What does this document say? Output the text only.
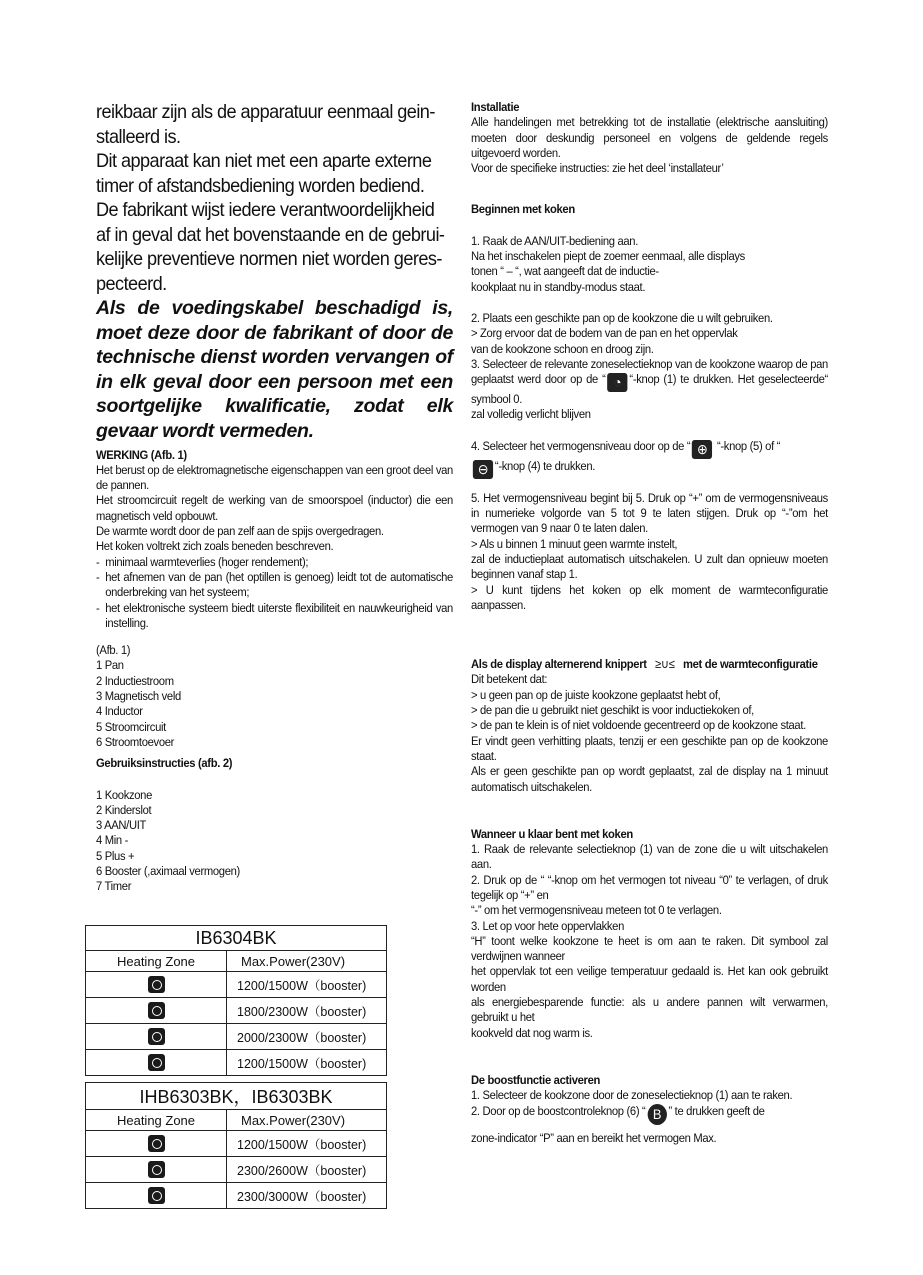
reikbaar zijn als de apparatuur eenmaal gein-

stalleerd is.

Dit apparaat kan niet met een aparte externe

timer of afstandsbediening worden bediend.

De fabrikant wijst iedere verantwoordelijkheid

af in geval dat het bovenstaande en de gebrui-

kelijke preventieve normen niet worden geres-

pecteerd.

Als de voedingskabel beschadigd is, moet deze door de fabrikant of door de technische dienst worden vervangen of in elk geval door een persoon met een soortgelijke kwalificatie, zodat elk gevaar wordt vermeden.

WERKING (Afb. 1)

Het berust op de elektromagnetische eigenschappen van een groot deel van de pannen.

Het stroomcircuit regelt de werking van de smoorspoel (inductor) die een magnetisch veld opbouwt.

De warmte wordt door de pan zelf aan de spijs overgedragen.

Het koken voltrekt zich zoals beneden beschreven.

- minimaal warmteverlies (hoger rendement);
- het afnemen van de pan (het optillen is genoeg) leidt tot de automatische onderbreking van het systeem;
- het elektronische systeem biedt uiterste flexibiliteit en nauwkeurigheid van instelling.

(Afb. 1)

1 Pan

2 Inductiestroom

3 Magnetisch veld

4 Inductor

5 Stroomcircuit

6 Stroomtoevoer

Gebruiksinstructies (afb. 2)

1 Kookzone

2 Kinderslot

3 AAN/UIT

4 Min -

5 Plus +

6 Booster (,aximaal vermogen)

7 Timer

IB6304BK	
Heating Zone	Max.Power(230V)
	1200/1500W（booster)
	1800/2300W（booster)
	2000/2300W（booster)
	1200/1500W（booster)
IHB6303BK，IB6303BK	
Heating Zone	Max.Power(230V)
	1200/1500W（booster)
	2300/2600W（booster)
	2300/3000W（booster)

Installatie

Alle handelingen met betrekking tot de installatie (elektrische aansluiting) moeten door deskundig personeel en volgens de geldende regels uitgevoerd worden.

Voor de specifieke instructies: zie het deel ‘installateur’

Beginnen met koken

1. Raak de AAN/UIT-bediening aan.

Na het inschakelen piept de zoemer eenmaal, alle displays

tonen “ – “, wat aangeeft dat de inductie-

kookplaat nu in standby-modus staat.

2. Plaats een geschikte pan op de kookzone die u wilt gebruiken.

> Zorg ervoor dat de bodem van de pan en het oppervlak

van de kookzone schoon en droog zijn.

3. Selecteer de relevante zoneselectieknop van de kookzone waarop de pan geplaatst werd door op de “ ◔ “-knop (1) te drukken. Het geselecteerde“ symbool 0.

zal volledig verlicht blijven

4. Selecteer het vermogensniveau door op de “ ⊕ “-knop (5) of “
⊖ “-knop (4) te drukken.

5. Het vermogensniveau begint bij 5. Druk op “+” om de vermogensniveaus in numerieke volgorde van 5 tot 9 te laten stijgen. Druk op “-”om het vermogen van 9 naar 0 te laten dalen.

> Als u binnen 1 minuut geen warmte instelt,

zal de inductieplaat automatisch uitschakelen. U zult dan opnieuw moeten beginnen vanaf stap 1.

> U kunt tijdens het koken op elk moment de warmteconfiguratie aanpassen.

Als de display alternerend knippert ≥∪≤ met de warmteconfiguratie

Dit betekent dat:

> u geen pan op de juiste kookzone geplaatst hebt of,

> de pan die u gebruikt niet geschikt is voor inductiekoken of,

> de pan te klein is of niet voldoende gecentreerd op de kookzone staat.

Er vindt geen verhitting plaats, tenzij er een geschikte pan op de kookzone staat.

Als er geen geschikte pan op wordt geplaatst, zal de display na 1 minuut automatisch uitschakelen.

Wanneer u klaar bent met koken

1. Raak de relevante selectieknop (1) van de zone die u wilt uitschakelen aan.

2. Druk op de “ “-knop om het vermogen tot niveau “0” te verlagen, of druk tegelijk op “+” en

“-” om het vermogensniveau meteen tot 0 te verlagen.

3. Let op voor hete oppervlakken

“H” toont welke kookzone te heet is om aan te raken. Dit symbool zal verdwijnen wanneer

het oppervlak tot een veilige temperatuur gedaald is. Het kan ook gebruikt worden

als energiebesparende functie: als u andere pannen wilt verwarmen, gebruikt u het

kookveld dat nog warm is.

De boostfunctie activeren

1. Selecteer de kookzone door de zoneselectieknop (1) aan te raken.

2. Door op de boostcontroleknop (6) “ B ” te drukken geeft de

zone-indicator “P” aan en bereikt het vermogen Max.
